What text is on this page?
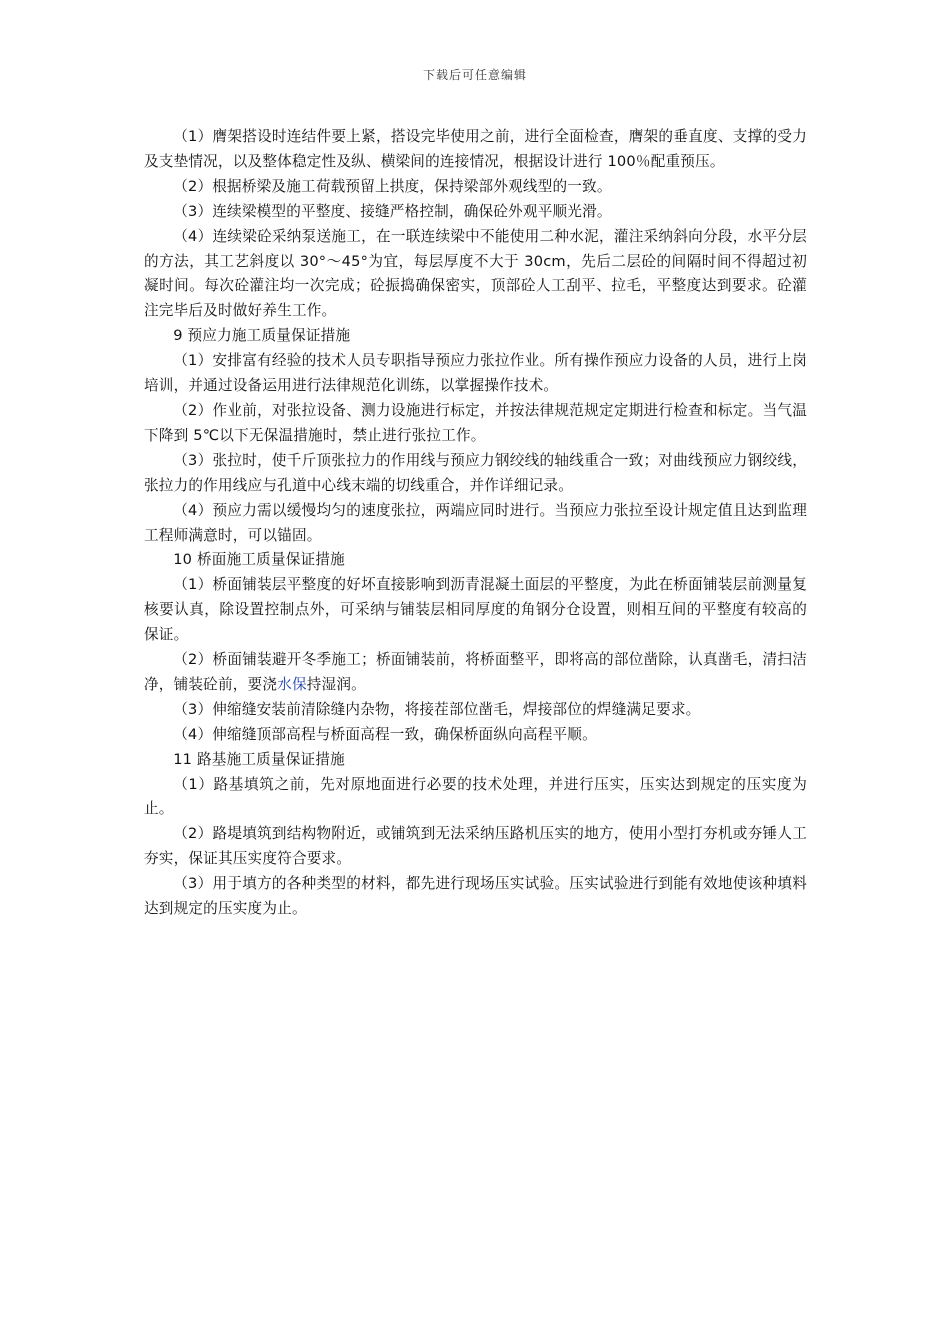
下载后可任意编辑

（1）膺架搭设时连结件要上紧，搭设完毕使用之前，进行全面检查，膺架的垂直度、支撑的受力及支垫情况，以及整体稳定性及纵、横梁间的连接情况，根据设计进行 100％配重预压。

（2）根据桥梁及施工荷载预留上拱度，保持梁部外观线型的一致。

（3）连续梁模型的平整度、接缝严格控制，确保砼外观平顺光滑。

（4）连续梁砼采纳泵送施工，在一联连续梁中不能使用二种水泥，灌注采纳斜向分段，水平分层的方法，其工艺斜度以 30°～45°为宜，每层厚度不大于 30cm，先后二层砼的间隔时间不得超过初凝时间。每次砼灌注均一次完成；砼振捣确保密实，顶部砼人工刮平、拉毛，平整度达到要求。砼灌注完毕后及时做好养生工作。

9 预应力施工质量保证措施

（1）安排富有经验的技术人员专职指导预应力张拉作业。所有操作预应力设备的人员，进行上岗培训，并通过设备运用进行法律规范化训练，以掌握操作技术。

（2）作业前，对张拉设备、测力设施进行标定，并按法律规范规定定期进行检查和标定。当气温下降到 5℃以下无保温措施时，禁止进行张拉工作。

（3）张拉时，使千斤顶张拉力的作用线与预应力钢绞线的轴线重合一致；对曲线预应力钢绞线，张拉力的作用线应与孔道中心线末端的切线重合，并作详细记录。

（4）预应力需以缓慢均匀的速度张拉，两端应同时进行。当预应力张拉至设计规定值且达到监理工程师满意时，可以锚固。

10 桥面施工质量保证措施

（1）桥面铺装层平整度的好坏直接影响到沥青混凝土面层的平整度，为此在桥面铺装层前测量复核要认真，除设置控制点外，可采纳与铺装层相同厚度的角钢分仓设置，则相互间的平整度有较高的保证。

（2）桥面铺装避开冬季施工；桥面铺装前，将桥面整平，即将高的部位凿除，认真凿毛，清扫洁净，铺装砼前，要浇水保持湿润。

（3）伸缩缝安装前清除缝内杂物，将接茬部位凿毛，焊接部位的焊缝满足要求。

（4）伸缩缝顶部高程与桥面高程一致，确保桥面纵向高程平顺。

11 路基施工质量保证措施

（1）路基填筑之前，先对原地面进行必要的技术处理，并进行压实，压实达到规定的压实度为止。

（2）路堤填筑到结构物附近，或铺筑到无法采纳压路机压实的地方，使用小型打夯机或夯锤人工夯实，保证其压实度符合要求。

（3）用于填方的各种类型的材料，都先进行现场压实试验。压实试验进行到能有效地使该种填料达到规定的压实度为止。
